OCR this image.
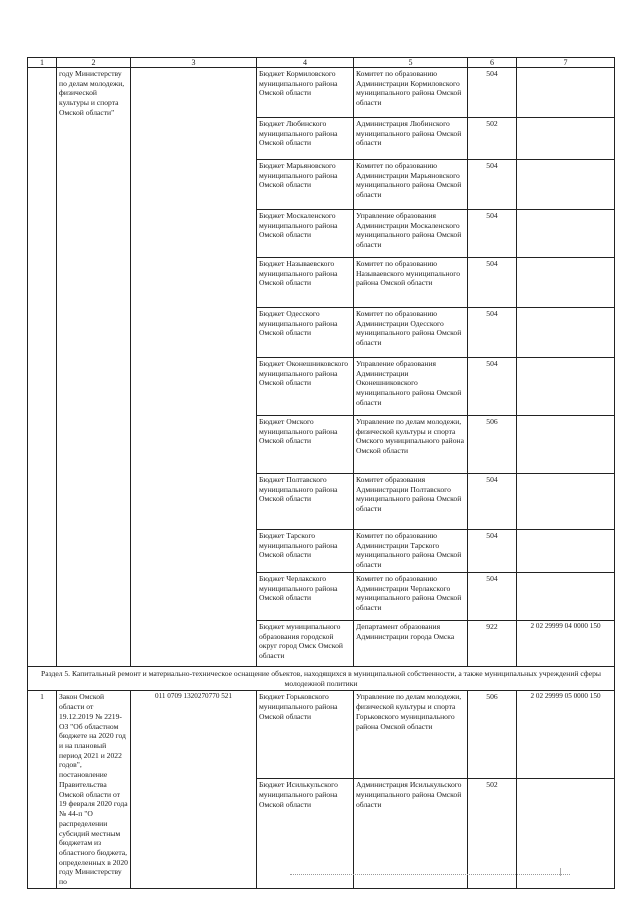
1	2	3	4	5	6	7
	году Министерству по делам молодежи, физической культуры и спорта Омской области"		Бюджет Кормиловского муниципального района Омской области	Комитет по образованию Администрации Кормиловского муниципального района Омской области	504	
			Бюджет Любинского муниципального района Омской области	Администрация Любинского муниципального района Омской области	502	
			Бюджет Марьяновского муниципального района Омской области	Комитет по образованию Администрации Марьяновского муниципального района Омской области	504	
			Бюджет Москаленского муниципального района Омской области	Управление образования Администрации Москаленского муниципального района Омской области	504	
			Бюджет Называевского муниципального района Омской области	Комитет по образованию Называевского муниципального района Омской области	504	
			Бюджет Одесского муниципального района Омской области	Комитет по образованию Администрации Одесского муниципального района Омской области	504	
			Бюджет Оконешниковского муниципального района Омской области	Управление образования Администрации Оконешниковского муниципального района Омской области	504	
			Бюджет Омского муниципального района Омской области	Управление по делам молодежи, физической культуры и спорта Омского муниципального района Омской области	506	
			Бюджет Полтавского муниципального района Омской области	Комитет образования Администрации Полтавского муниципального района Омской области	504	
			Бюджет Тарского муниципального района Омской области	Комитет по образованию Администрации Тарского муниципального района Омской области	504	
			Бюджет Черлакского муниципального района Омской области	Комитет по образованию Администрации Черлакского муниципального района Омской области	504	
			Бюджет муниципального образования городской округ город Омск Омской области	Департамент образования Администрации города Омска	922	2 02 29999 04 0000 150
Раздел 5. Капитальный ремонт и материально-техническое оснащение объектов, находящихся в муниципальной собственности, а также муниципальных учреждений сферы молодежной политики						
1	Закон Омской области от 19.12.2019 № 2219-ОЗ "Об областном бюджете на 2020 год и на плановый период 2021 и 2022 годов", постановление Правительства Омской области от 19 февраля 2020 года № 44-п "О распределении субсидий местным бюджетам из областного бюджета, определенных в 2020 году Министерству по	011 0709 1320270770 521	Бюджет Горьковского муниципального района Омской области	Управление по делам молодежи, физической культуры и спорта Горьковского муниципального района Омской области	506	2 02 29999 05 0000 150
			Бюджет Исилькульского муниципального района Омской области	Администрация Исилькульского муниципального района Омской области	502	
